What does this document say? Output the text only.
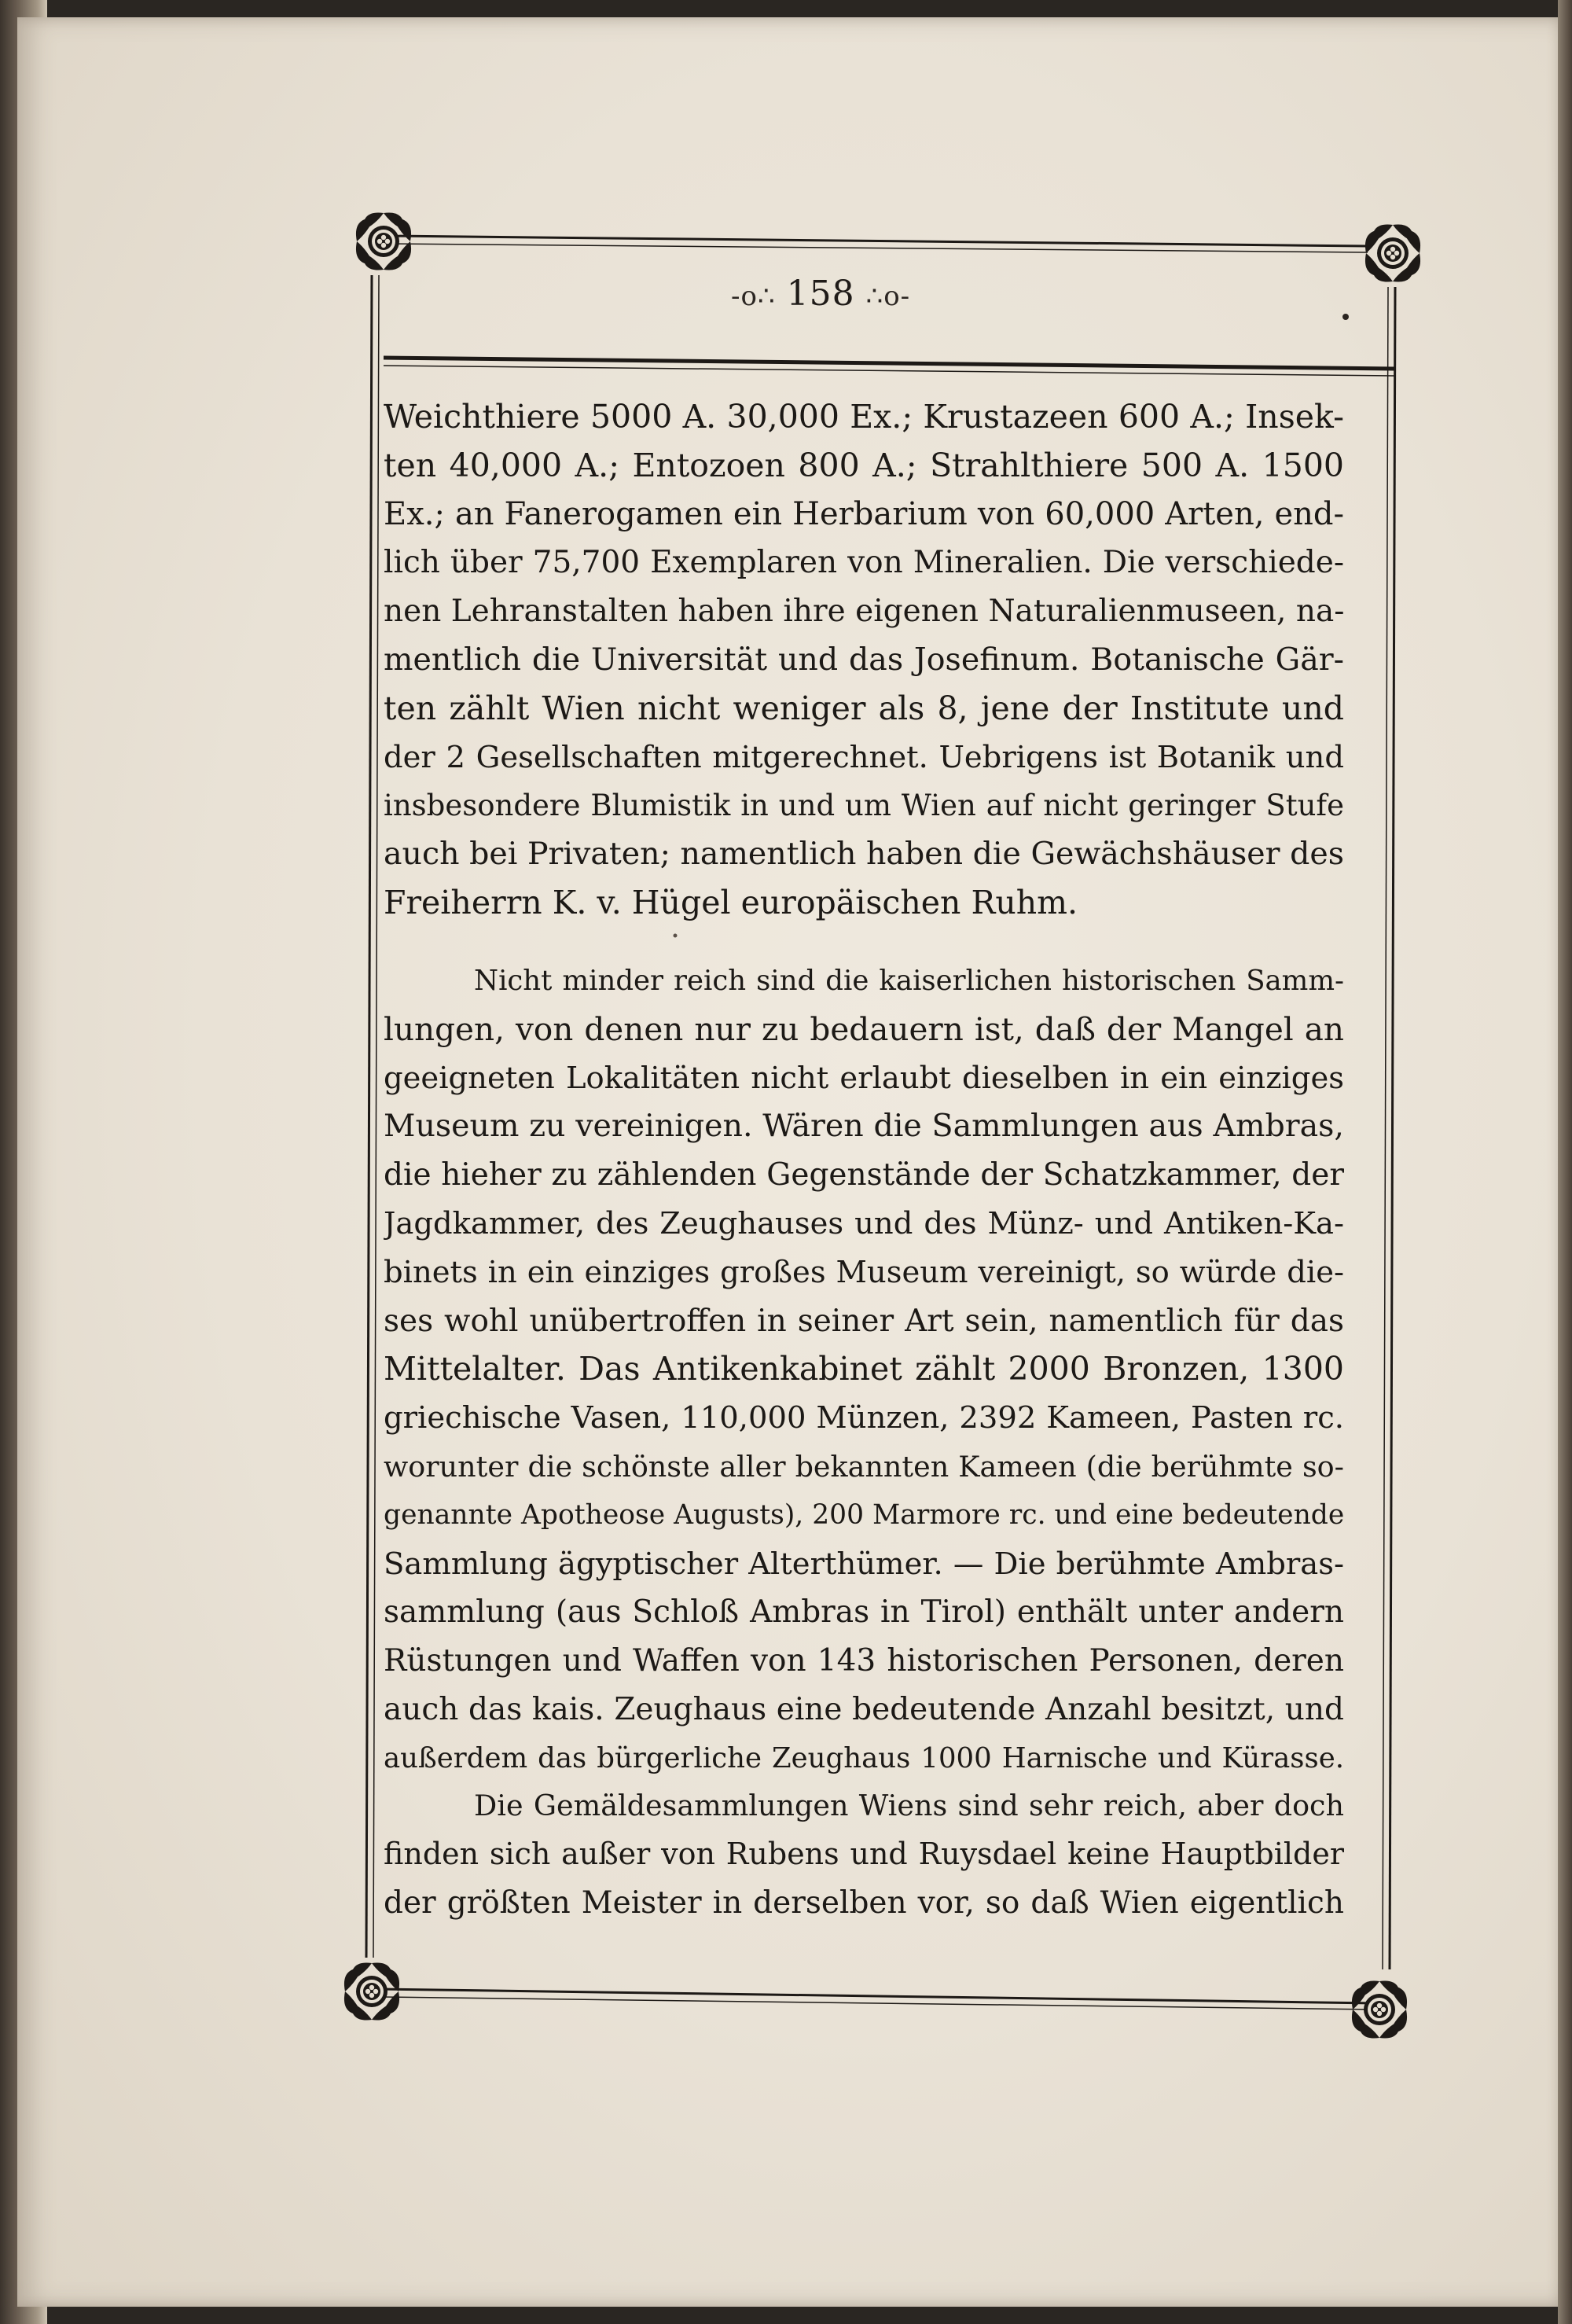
-o∴ 158 ∴o-
Weichthiere 5000 A. 30,000 Ex.; Krustazeen 600 A.; Insek-
ten 40,000 A.; Entozoen 800 A.; Strahlthiere 500 A. 1500
Ex.; an Fanerogamen ein Herbarium von 60,000 Arten, end-
lich über 75,700 Exemplaren von Mineralien. Die verschiede-
nen Lehranstalten haben ihre eigenen Naturalienmuseen, na-
mentlich die Universität und das Josefinum. Botanische Gär-
ten zählt Wien nicht weniger als 8, jene der Institute und
der 2 Gesellschaften mitgerechnet. Uebrigens ist Botanik und
insbesondere Blumistik in und um Wien auf nicht geringer Stufe
auch bei Privaten; namentlich haben die Gewächshäuser des
Freiherrn K. v. Hügel europäischen Ruhm.
Nicht minder reich sind die kaiserlichen historischen Samm-
lungen, von denen nur zu bedauern ist, daß der Mangel an
geeigneten Lokalitäten nicht erlaubt dieselben in ein einziges
Museum zu vereinigen. Wären die Sammlungen aus Ambras,
die hieher zu zählenden Gegenstände der Schatzkammer, der
Jagdkammer, des Zeughauses und des Münz- und Antiken-Ka-
binets in ein einziges großes Museum vereinigt, so würde die-
ses wohl unübertroffen in seiner Art sein, namentlich für das
Mittelalter. Das Antikenkabinet zählt 2000 Bronzen, 1300
griechische Vasen, 110,000 Münzen, 2392 Kameen, Pasten rc.
worunter die schönste aller bekannten Kameen (die berühmte so-
genannte Apotheose Augusts), 200 Marmore rc. und eine bedeutende
Sammlung ägyptischer Alterthümer. — Die berühmte Ambras-
sammlung (aus Schloß Ambras in Tirol) enthält unter andern
Rüstungen und Waffen von 143 historischen Personen, deren
auch das kais. Zeughaus eine bedeutende Anzahl besitzt, und
außerdem das bürgerliche Zeughaus 1000 Harnische und Kürasse.
Die Gemäldesammlungen Wiens sind sehr reich, aber doch
finden sich außer von Rubens und Ruysdael keine Hauptbilder
der größten Meister in derselben vor, so daß Wien eigentlich
